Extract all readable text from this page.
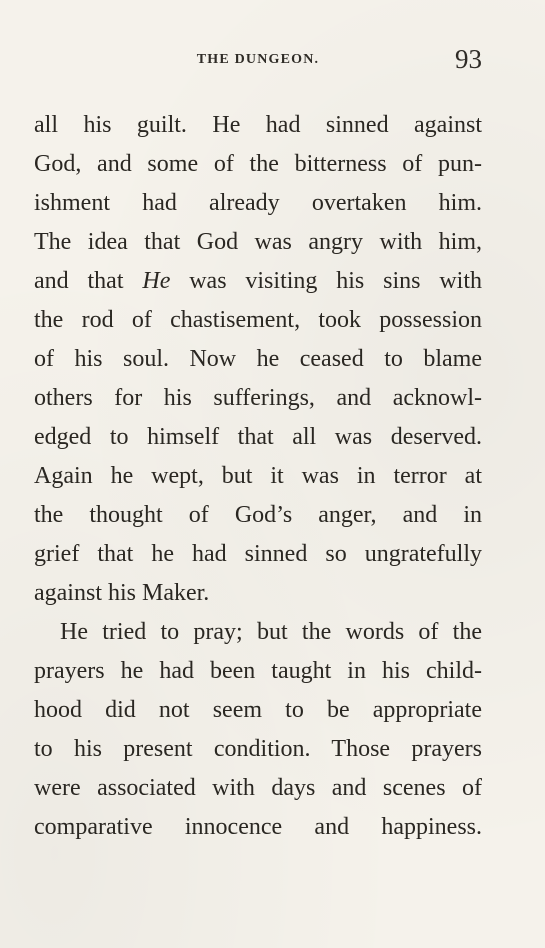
THE DUNGEON.	93
all his guilt. He had sinned against
God, and some of the bitterness of pun-
ishment had already overtaken him.
The idea that God was angry with him,
and that He was visiting his sins with
the rod of chastisement, took possession
of his soul. Now he ceased to blame
others for his sufferings, and acknowl-
edged to himself that all was deserved.
Again he wept, but it was in terror at
the thought of God’s anger, and in
grief that he had sinned so ungratefully
against his Maker.
He tried to pray; but the words of the
prayers he had been taught in his child-
hood did not seem to be appropriate
to his present condition. Those prayers
were associated with days and scenes of
comparative innocence and happiness.
